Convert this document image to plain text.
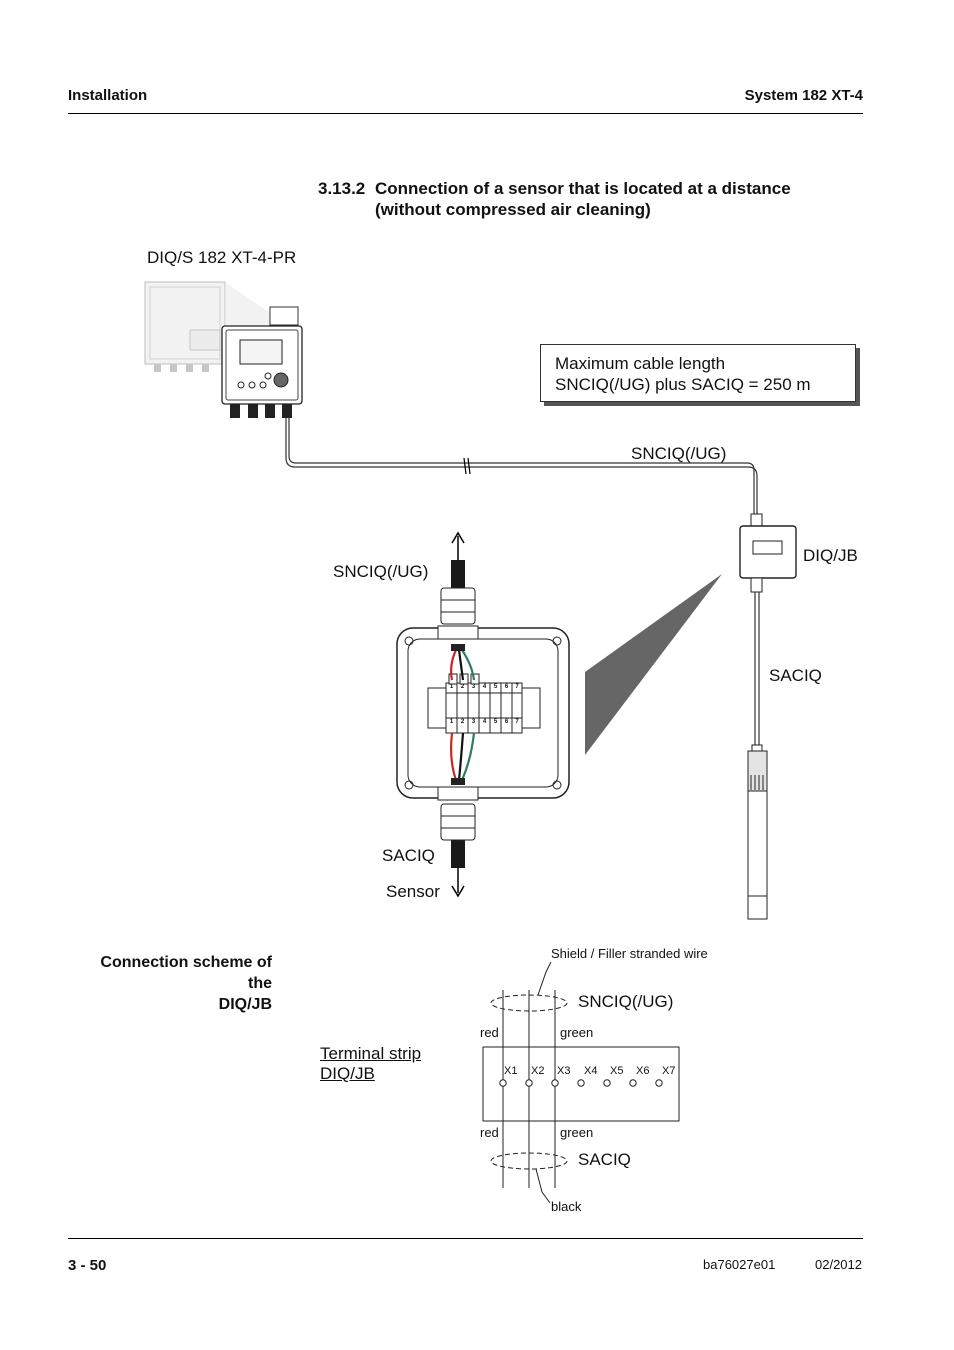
Installation	System 182 XT-4
3.13.2 Connection of a sensor that is located at a distance
(without compressed air cleaning)
DIQ/S 182 XT-4-PR
Maximum cable length
SNCIQ(/UG) plus SACIQ = 250 m
SNCIQ(/UG)
DIQ/JB
SACIQ
SNCIQ(/UG)
SACIQ
Sensor
1	2	3	4	5	6	7
1	2	3	4	5	6	7
Connection scheme of
the
DIQ/JB
Shield / Filler stranded wire
SNCIQ(/UG)
red	green
Terminal strip
DIQ/JB	X1 X2 X3 X4 X5 X6 X7
red	green
SACIQ
black
3 - 50	ba76027e01	02/2012
